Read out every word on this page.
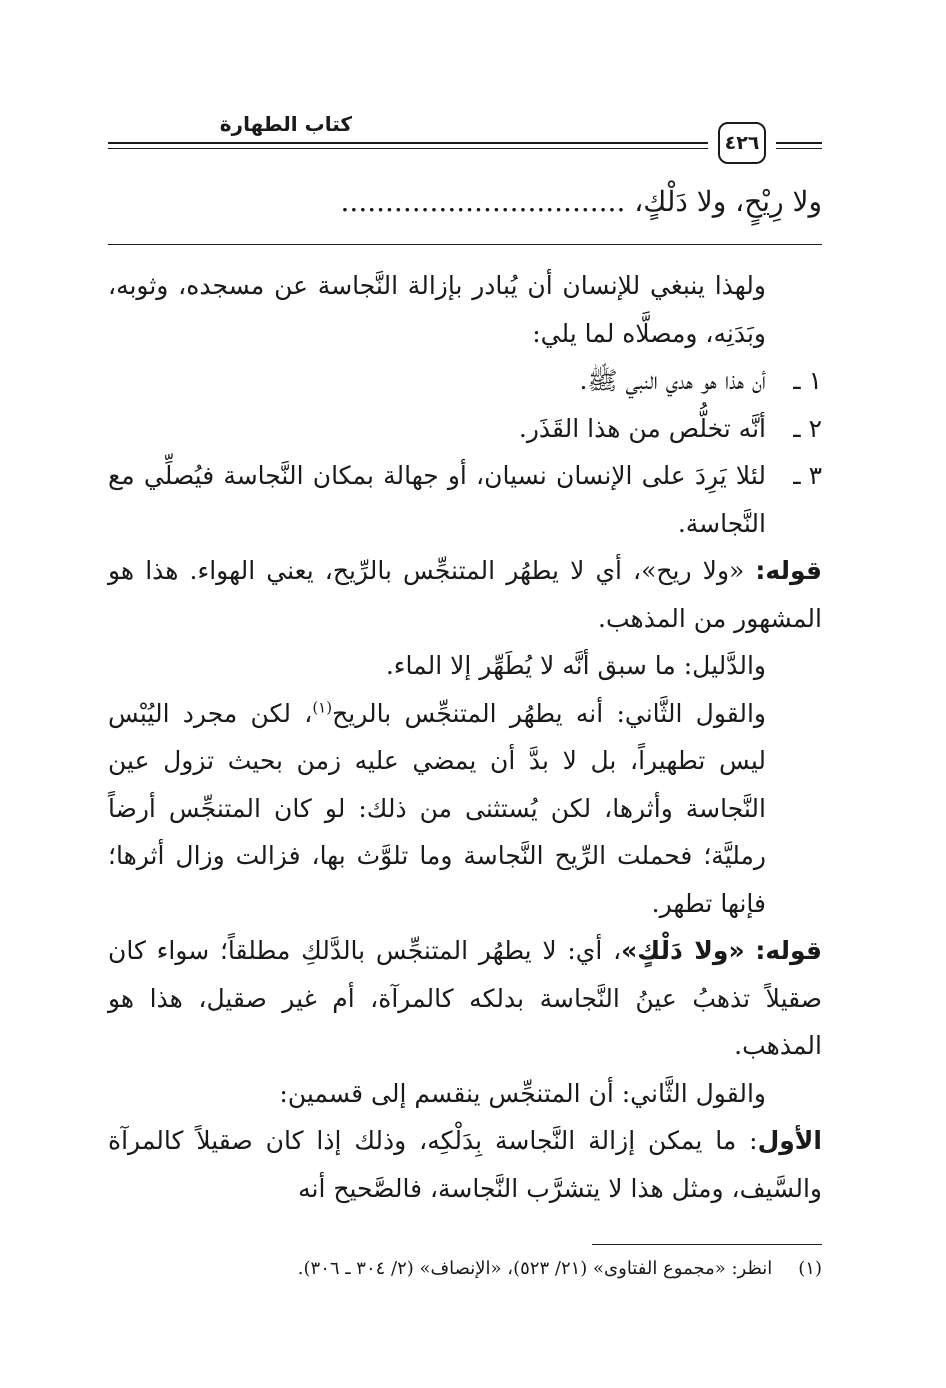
كتاب الطهارة
٤٢٦
ولا رِيْحٍ، ولا دَلْكٍ، ................................

ولهذا ينبغي للإنسان أن يُبادر بإزالة النَّجاسة عن مسجده، وثوبه، وبَدَنِه، ومصلَّاه لما يلي:

١ ـ
أن هذا هو هدي النبي ﷺ.
٢ ـ
أنَّه تخلُّص من هذا القَذَر.
٣ ـ
لئلا يَرِدَ على الإنسان نسيان، أو جهالة بمكان النَّجاسة فيُصلِّي مع النَّجاسة.

قوله: «ولا ريح»، أي لا يطهُر المتنجِّس بالرِّيح، يعني الهواء. هذا هو المشهور من المذهب.

والدَّليل: ما سبق أنَّه لا يُطَهِّر إلا الماء.

والقول الثَّاني: أنه يطهُر المتنجِّس بالريح$^{(١)}$، لكن مجرد اليُبْس ليس تطهيراً، بل لا بدَّ أن يمضي عليه زمن بحيث تزول عين النَّجاسة وأثرها، لكن يُستثنى من ذلك: لو كان المتنجِّس أرضاً رمليَّة؛ فحملت الرِّيح النَّجاسة وما تلوَّث بها، فزالت وزال أثرها؛ فإنها تطهر.

قوله: «ولا دَلْكٍ»، أي: لا يطهُر المتنجِّس بالدَّلكِ مطلقاً؛ سواء كان صقيلاً تذهبُ عينُ النَّجاسة بدلكه كالمرآة، أم غير صقيل، هذا هو المذهب.

والقول الثَّاني: أن المتنجِّس ينقسم إلى قسمين:

الأول: ما يمكن إزالة النَّجاسة بِدَلْكِه، وذلك إذا كان صقيلاً كالمرآة والسَّيف، ومثل هذا لا يتشرَّب النَّجاسة، فالصَّحيح أنه

(١) انظر: «مجموع الفتاوى» (٢١/ ٥٢٣)، «الإنصاف» (٢/ ٣٠٤ ـ ٣٠٦).
